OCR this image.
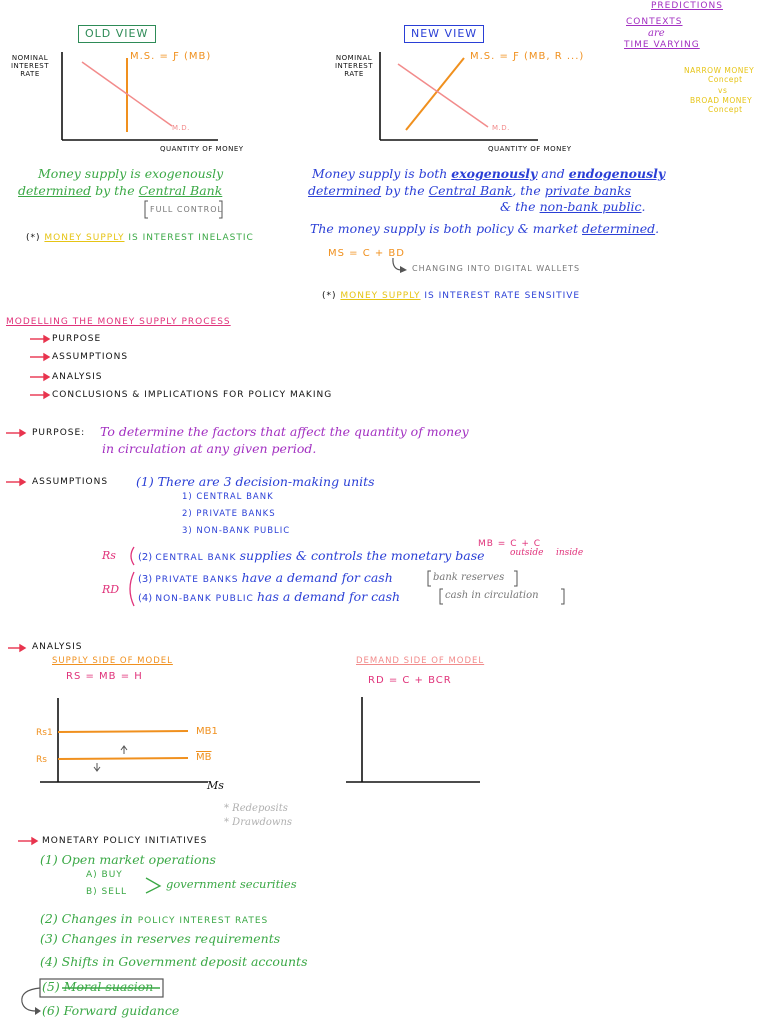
OLD VIEW
NOMINAL INTEREST RATE
M.S. = Ƒ (MB)
M.D.
QUANTITY OF MONEY
Money supply is exogenously
determined by the Central Bank
FULL CONTROL
(*) MONEY SUPPLY IS INTEREST INELASTIC
NEW VIEW
NOMINAL INTEREST RATE
M.S. = Ƒ (MB, R ...)
M.D.
QUANTITY OF MONEY
Money supply is both exogenously and endogenously
determined by the Central Bank, the private banks
& the non-bank public.
The money supply is both policy & market determined.
MS = C + BD
CHANGING INTO DIGITAL WALLETS
(*) MONEY SUPPLY IS INTEREST RATE SENSITIVE
PREDICTIONS
CONTEXTS
are
TIME VARYING
NARROW MONEY
Concept
vs
BROAD MONEY
Concept
MODELLING THE MONEY SUPPLY PROCESS
PURPOSE
ASSUMPTIONS
ANALYSIS
CONCLUSIONS & IMPLICATIONS FOR POLICY MAKING
PURPOSE: To determine the factors that affect the quantity of money
in circulation at any given period.
ASSUMPTIONS (1) There are 3 decision-making units
1) CENTRAL BANK
2) PRIVATE BANKS
3) NON-BANK PUBLIC
MB = C + C
outside inside
Rs (2) CENTRAL BANK supplies & controls the monetary base
RD
(3) PRIVATE BANKS have a demand for cash	bank reserves
(4) NON-BANK PUBLIC has a demand for cash	cash in circulation
ANALYSIS
SUPPLY SIDE OF MODEL
RS = MB = H
DEMAND SIDE OF MODEL
RD = C + BCR
Rs1
Rs
MB1
$\overline{MB}$
Ms
* Redeposits
* Drawdowns
MONETARY POLICY INITIATIVES
(1) Open market operations
A) BUY
B) SELL
government securities
(2) Changes in POLICY INTEREST RATES
(3) Changes in reserves requirements
(4) Shifts in Government deposit accounts
(5) Moral suasion
(6) Forward guidance
